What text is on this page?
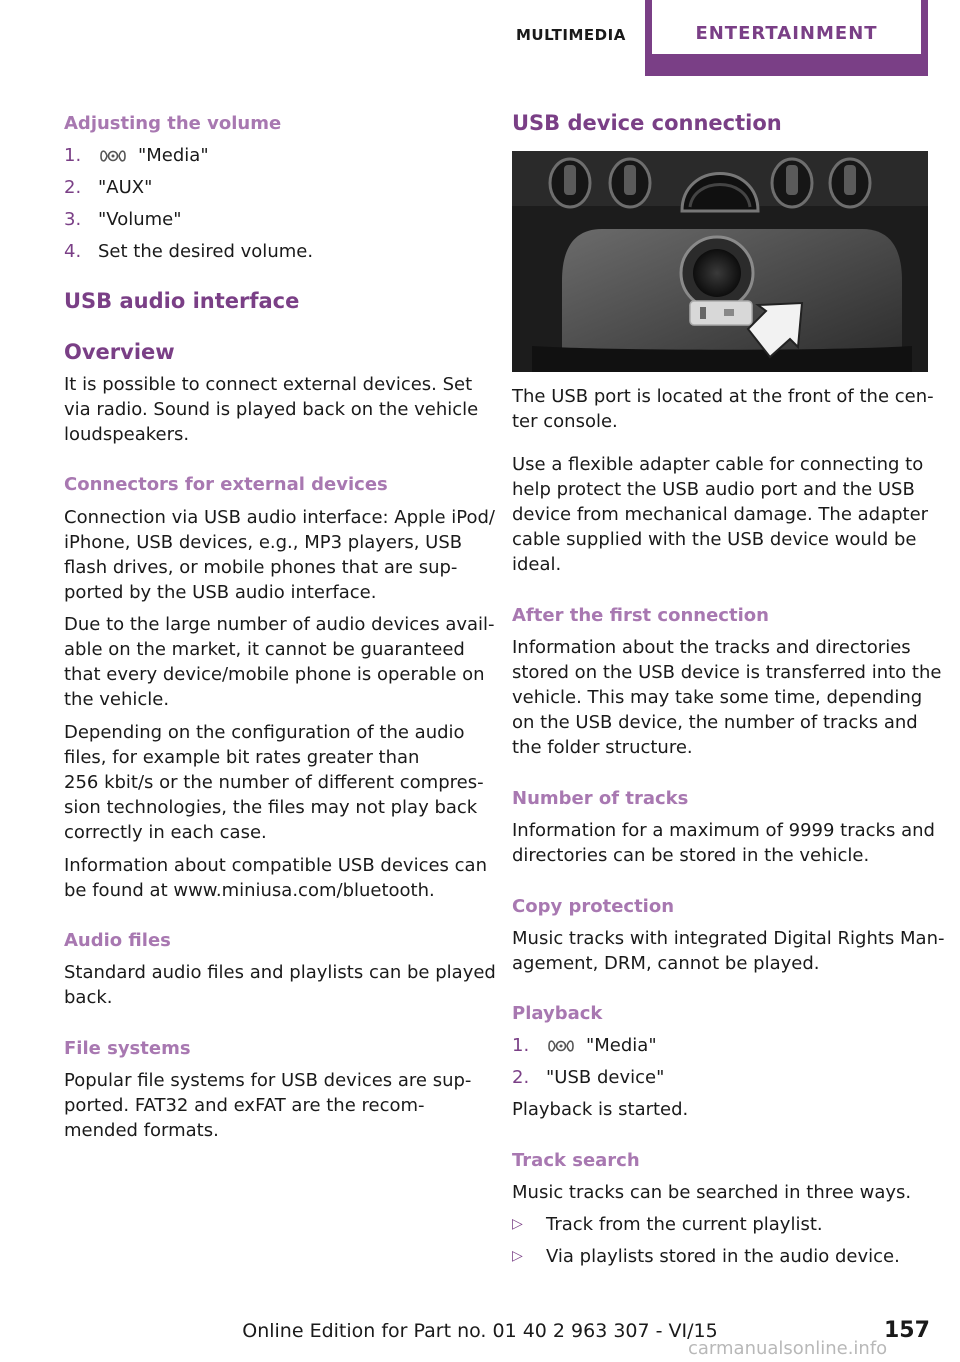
MULTIMEDIA	ENTERTAINMENT
Adjusting the volume
1.	"Media"
2. "AUX"
3. "Volume"
4. Set the desired volume.
USB audio interface
Overview
It is possible to connect external devices. Set
via radio. Sound is played back on the vehicle
loudspeakers.
Connectors for external devices
Connection via USB audio interface: Apple iPod/
iPhone, USB devices, e.g., MP3 players, USB
flash drives, or mobile phones that are sup‐
ported by the USB audio interface.
Due to the large number of audio devices avail‐
able on the market, it cannot be guaranteed
that every device/mobile phone is operable on
the vehicle.
Depending on the configuration of the audio
files, for example bit rates greater than
256 kbit/s or the number of different compres‐
sion technologies, the files may not play back
correctly in each case.
Information about compatible USB devices can
be found at www.miniusa.com/bluetooth.
Audio files
Standard audio files and playlists can be played
back.
File systems
Popular file systems for USB devices are sup‐
ported. FAT32 and exFAT are the recom‐
mended formats.
USB device connection
The USB port is located at the front of the cen‐
ter console.
Use a flexible adapter cable for connecting to
help protect the USB audio port and the USB
device from mechanical damage. The adapter
cable supplied with the USB device would be
ideal.
After the first connection
Information about the tracks and directories
stored on the USB device is transferred into the
vehicle. This may take some time, depending
on the USB device, the number of tracks and
the folder structure.
Number of tracks
Information for a maximum of 9999 tracks and
directories can be stored in the vehicle.
Copy protection
Music tracks with integrated Digital Rights Man‐
agement, DRM, cannot be played.
Playback
1.	"Media"
2. "USB device"
Playback is started.
Track search
Music tracks can be searched in three ways.
▷ Track from the current playlist.
▷ Via playlists stored in the audio device.
Online Edition for Part no. 01 40 2 963 307 - VI/15	157
carmanualsonline.info
